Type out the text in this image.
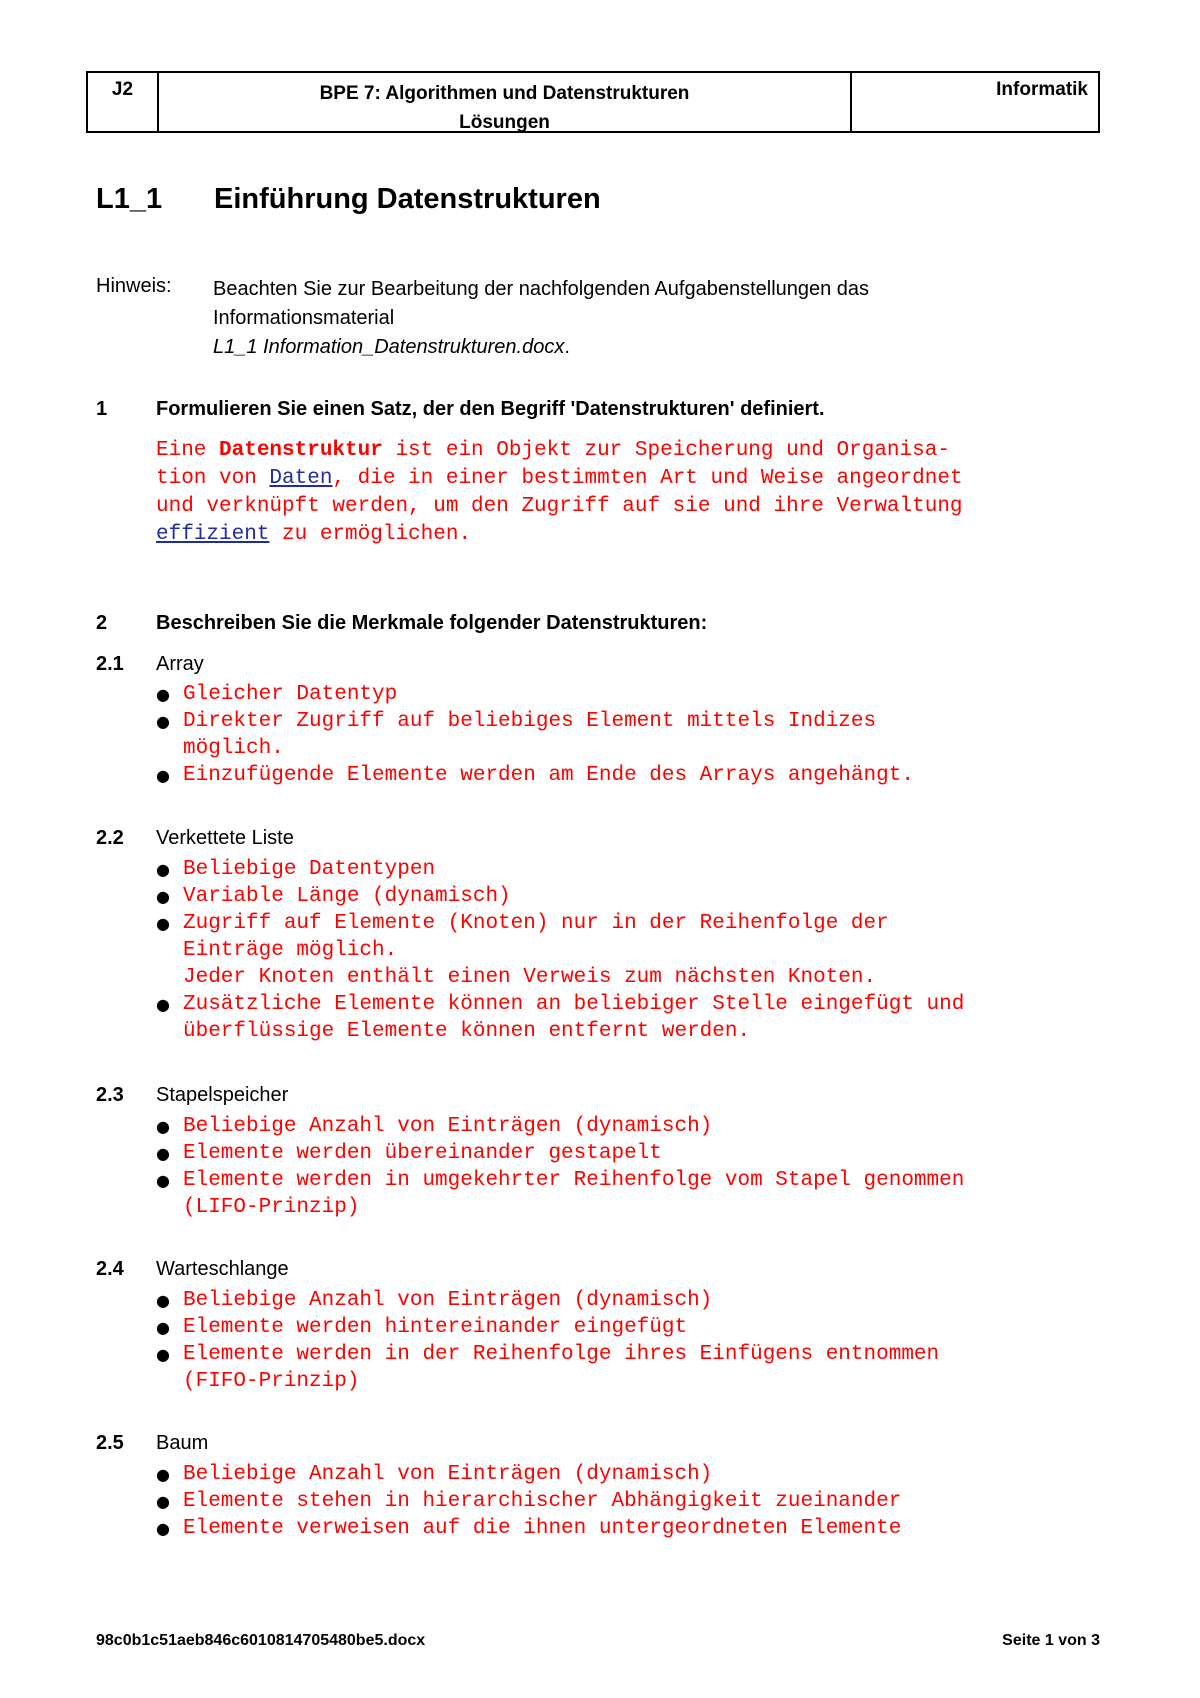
J2	BPE 7: Algorithmen und Datenstrukturen
Lösungen
Informatik
L1_1 Einführung Datenstrukturen
Hinweis: Beachten Sie zur Bearbeitung der nachfolgenden Aufgabenstellungen das
Informationsmaterial
L1_1 Information_Datenstrukturen.docx.
1 Formulieren Sie einen Satz, der den Begriff 'Datenstrukturen' definiert.
Eine Datenstruktur ist ein Objekt zur Speicherung und Organisa-
tion von Daten, die in einer bestimmten Art und Weise angeordnet
und verknüpft werden, um den Zugriff auf sie und ihre Verwaltung
effizient zu ermöglichen.
2 Beschreiben Sie die Merkmale folgender Datenstrukturen:
2.1 Array
● Gleicher Datentyp
● Direkter Zugriff auf beliebiges Element mittels Indizes
möglich.
● Einzufügende Elemente werden am Ende des Arrays angehängt.
2.2 Verkettete Liste
● Beliebige Datentypen
● Variable Länge (dynamisch)
● Zugriff auf Elemente (Knoten) nur in der Reihenfolge der
Einträge möglich.
Jeder Knoten enthält einen Verweis zum nächsten Knoten.
● Zusätzliche Elemente können an beliebiger Stelle eingefügt und
überflüssige Elemente können entfernt werden.
2.3 Stapelspeicher
● Beliebige Anzahl von Einträgen (dynamisch)
● Elemente werden übereinander gestapelt
● Elemente werden in umgekehrter Reihenfolge vom Stapel genommen
(LIFO-Prinzip)
2.4 Warteschlange
● Beliebige Anzahl von Einträgen (dynamisch)
● Elemente werden hintereinander eingefügt
● Elemente werden in der Reihenfolge ihres Einfügens entnommen
(FIFO-Prinzip)
2.5 Baum
● Beliebige Anzahl von Einträgen (dynamisch)
● Elemente stehen in hierarchischer Abhängigkeit zueinander
● Elemente verweisen auf die ihnen untergeordneten Elemente
98c0b1c51aeb846c6010814705480be5.docx	Seite 1 von 3
